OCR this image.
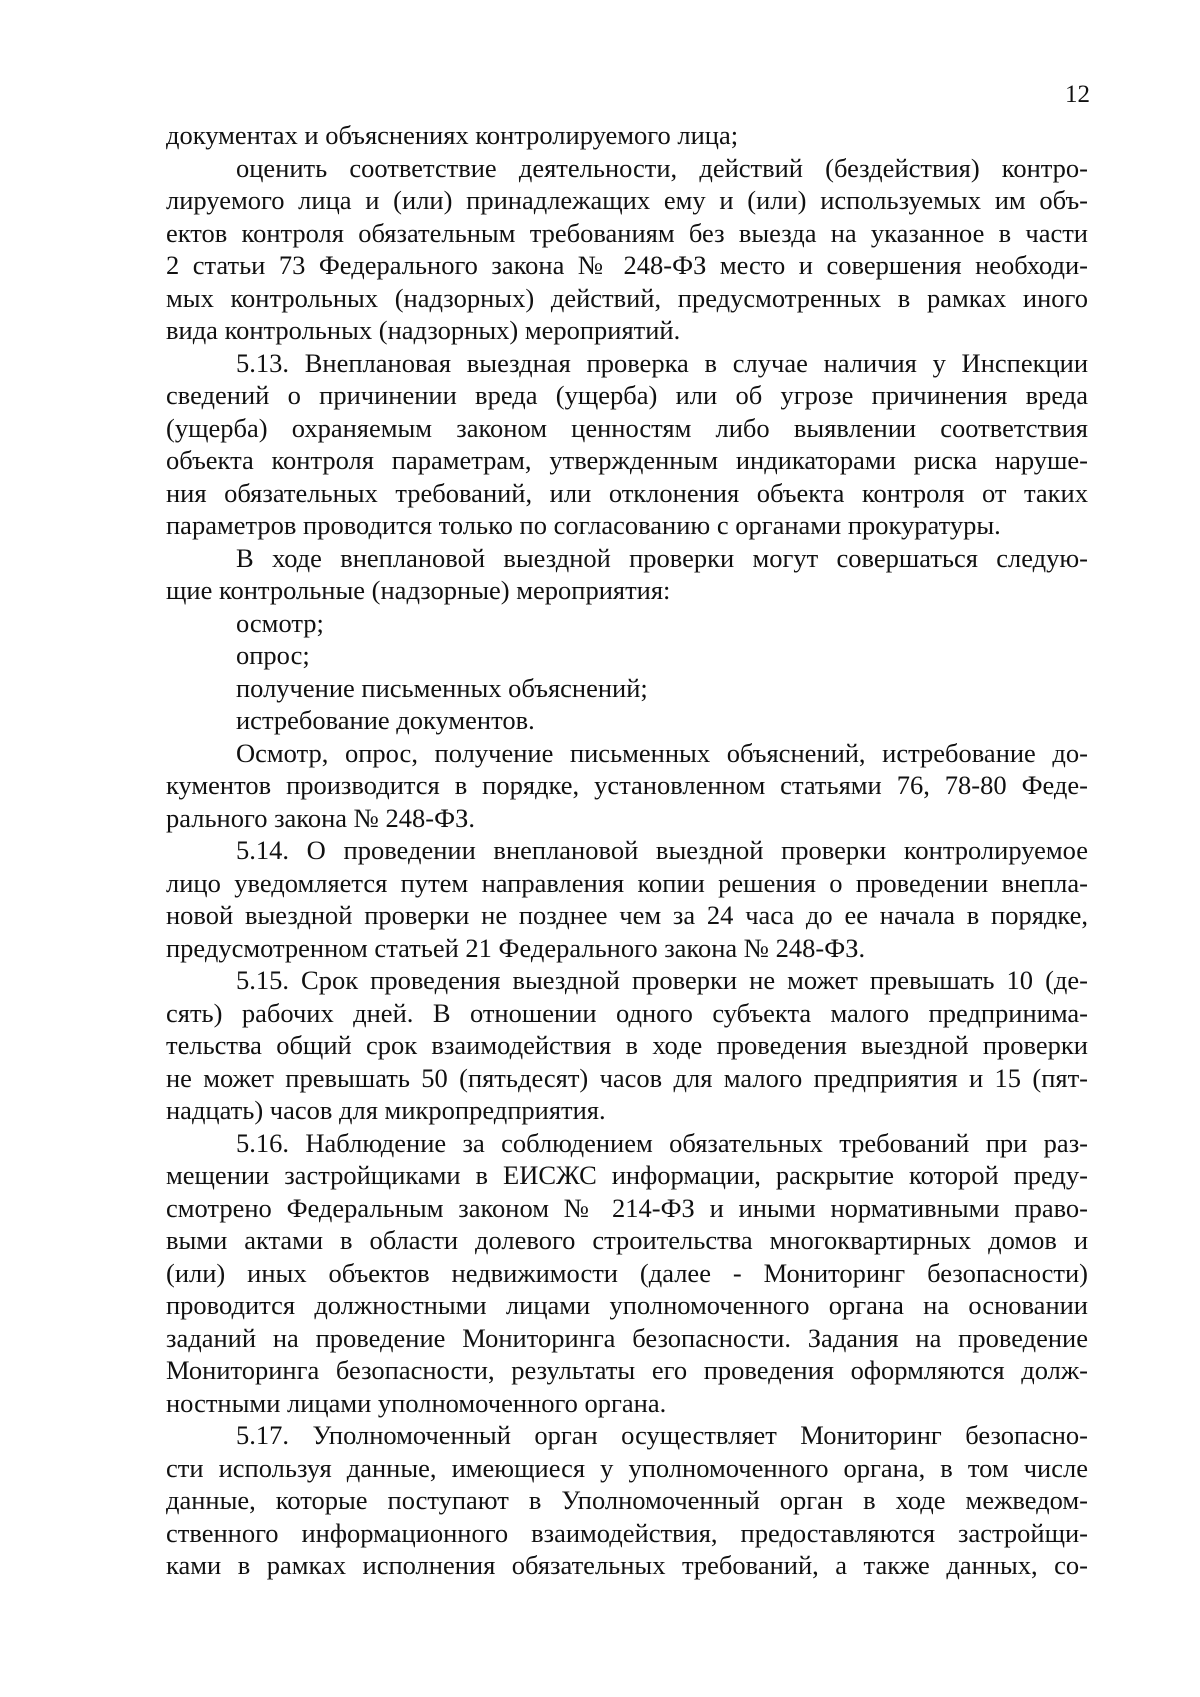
12
документах и объяснениях контролируемого лица;
оценить соответствие деятельности, действий (бездействия) контро-
лируемого лица и (или) принадлежащих ему и (или) используемых им объ-
ектов контроля обязательным требованиям без выезда на указанное в части
2 статьи 73 Федерального закона № 248-ФЗ место и совершения необходи-
мых контрольных (надзорных) действий, предусмотренных в рамках иного
вида контрольных (надзорных) мероприятий.
5.13. Внеплановая выездная проверка в случае наличия у Инспекции
сведений о причинении вреда (ущерба) или об угрозе причинения вреда
(ущерба) охраняемым законом ценностям либо выявлении соответствия
объекта контроля параметрам, утвержденным индикаторами риска наруше-
ния обязательных требований, или отклонения объекта контроля от таких
параметров проводится только по согласованию с органами прокуратуры.
В ходе внеплановой выездной проверки могут совершаться следую-
щие контрольные (надзорные) мероприятия:
осмотр;
опрос;
получение письменных объяснений;
истребование документов.
Осмотр, опрос, получение письменных объяснений, истребование до-
кументов производится в порядке, установленном статьями 76, 78-80 Феде-
рального закона № 248-ФЗ.
5.14. О проведении внеплановой выездной проверки контролируемое
лицо уведомляется путем направления копии решения о проведении внепла-
новой выездной проверки не позднее чем за 24 часа до ее начала в порядке,
предусмотренном статьей 21 Федерального закона № 248-ФЗ.
5.15. Срок проведения выездной проверки не может превышать 10 (де-
сять) рабочих дней. В отношении одного субъекта малого предпринима-
тельства общий срок взаимодействия в ходе проведения выездной проверки
не может превышать 50 (пятьдесят) часов для малого предприятия и 15 (пят-
надцать) часов для микропредприятия.
5.16. Наблюдение за соблюдением обязательных требований при раз-
мещении застройщиками в ЕИСЖС информации, раскрытие которой преду-
смотрено Федеральным законом № 214-ФЗ и иными нормативными право-
выми актами в области долевого строительства многоквартирных домов и
(или) иных объектов недвижимости (далее - Мониторинг безопасности)
проводится должностными лицами уполномоченного органа на основании
заданий на проведение Мониторинга безопасности. Задания на проведение
Мониторинга безопасности, результаты его проведения оформляются долж-
ностными лицами уполномоченного органа.
5.17. Уполномоченный орган осуществляет Мониторинг безопасно-
сти используя данные, имеющиеся у уполномоченного органа, в том числе
данные, которые поступают в Уполномоченный орган в ходе межведом-
ственного информационного взаимодействия, предоставляются застройщи-
ками в рамках исполнения обязательных требований, а также данных, со-
